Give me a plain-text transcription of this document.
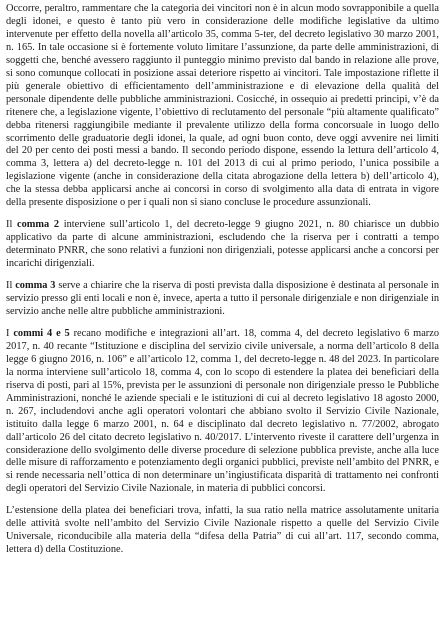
Occorre, peraltro, rammentare che la categoria dei vincitori non è in alcun modo sovrapponibile a quella degli idonei, e questo è tanto più vero in considerazione delle modifiche legislative da ultimo intervenute per effetto della novella all’articolo 35, comma 5-ter, del decreto legislativo 30 marzo 2001, n. 165. In tale occasione si è fortemente voluto limitare l’assunzione, da parte delle amministrazioni, di soggetti che, benché avessero raggiunto il punteggio minimo previsto dal bando in relazione alle prove, si sono comunque collocati in posizione assai deteriore rispetto ai vincitori. Tale impostazione riflette il più generale obiettivo di efficientamento dell’amministrazione e di elevazione della qualità del personale dipendente delle pubbliche amministrazioni. Cosicché, in ossequio ai predetti principi, v’è da ritenere che, a legislazione vigente, l’obiettivo di reclutamento del personale “più altamente qualificato” debba ritenersi raggiungibile mediante il prevalente utilizzo della forma concorsuale in luogo dello scorrimento delle graduatorie degli idonei, la quale, ad ogni buon conto, deve oggi avvenire nei limiti del 20 per cento dei posti messi a bando. Il secondo periodo dispone, essendo la lettura dell’articolo 4, comma 3, lettera a) del decreto-legge n. 101 del 2013 di cui al primo periodo, l’unica possibile a legislazione vigente (anche in considerazione della citata abrogazione della lettera b) dell’articolo 4), che la stessa debba applicarsi anche ai concorsi in corso di svolgimento alla data di entrata in vigore della presente disposizione o per i quali non si siano concluse le procedure assunzionali.

Il comma 2 interviene sull’articolo 1, del decreto-legge 9 giugno 2021, n. 80 chiarisce un dubbio applicativo da parte di alcune amministrazioni, escludendo che la riserva per i contratti a tempo determinato PNRR, che sono relativi a funzioni non dirigenziali, potesse applicarsi anche a concorsi per incarichi dirigenziali.

Il comma 3 serve a chiarire che la riserva di posti prevista dalla disposizione è destinata al personale in servizio presso gli enti locali e non è, invece, aperta a tutto il personale dirigenziale e non dirigenziale in servizio anche nelle altre pubbliche amministrazioni.

I commi 4 e 5 recano modifiche e integrazioni all’art. 18, comma 4, del decreto legislativo 6 marzo 2017, n. 40 recante “Istituzione e disciplina del servizio civile universale, a norma dell’articolo 8 della legge 6 giugno 2016, n. 106” e all’articolo 12, comma 1, del decreto-legge n. 48 del 2023. In particolare la norma interviene sull’articolo 18, comma 4, con lo scopo di estendere la platea dei beneficiari della riserva di posti, pari al 15%, prevista per le assunzioni di personale non dirigenziale presso le Pubbliche Amministrazioni, nonché le aziende speciali e le istituzioni di cui al decreto legislativo 18 agosto 2000, n. 267, includendovi anche agli operatori volontari che abbiano svolto il Servizio Civile Nazionale, istituito dalla legge 6 marzo 2001, n. 64 e disciplinato dal decreto legislativo n. 77/2002, abrogato dall’articolo 26 del citato decreto legislativo n. 40/2017. L’intervento riveste il carattere dell’urgenza in considerazione dello svolgimento delle diverse procedure di selezione pubblica previste, anche alla luce delle misure di rafforzamento e potenziamento degli organici pubblici, previste nell’ambito del PNRR, e si rende necessaria nell’ottica di non determinare un’ingiustificata disparità di trattamento nei confronti degli operatori del Servizio Civile Nazionale, in materia di pubblici concorsi.

L’estensione della platea dei beneficiari trova, infatti, la sua ratio nella matrice assolutamente unitaria delle attività svolte nell’ambito del Servizio Civile Nazionale rispetto a quelle del Servizio Civile Universale, riconducibile alla materia della “difesa della Patria” di cui all’art. 117, secondo comma, lettera d) della Costituzione.
